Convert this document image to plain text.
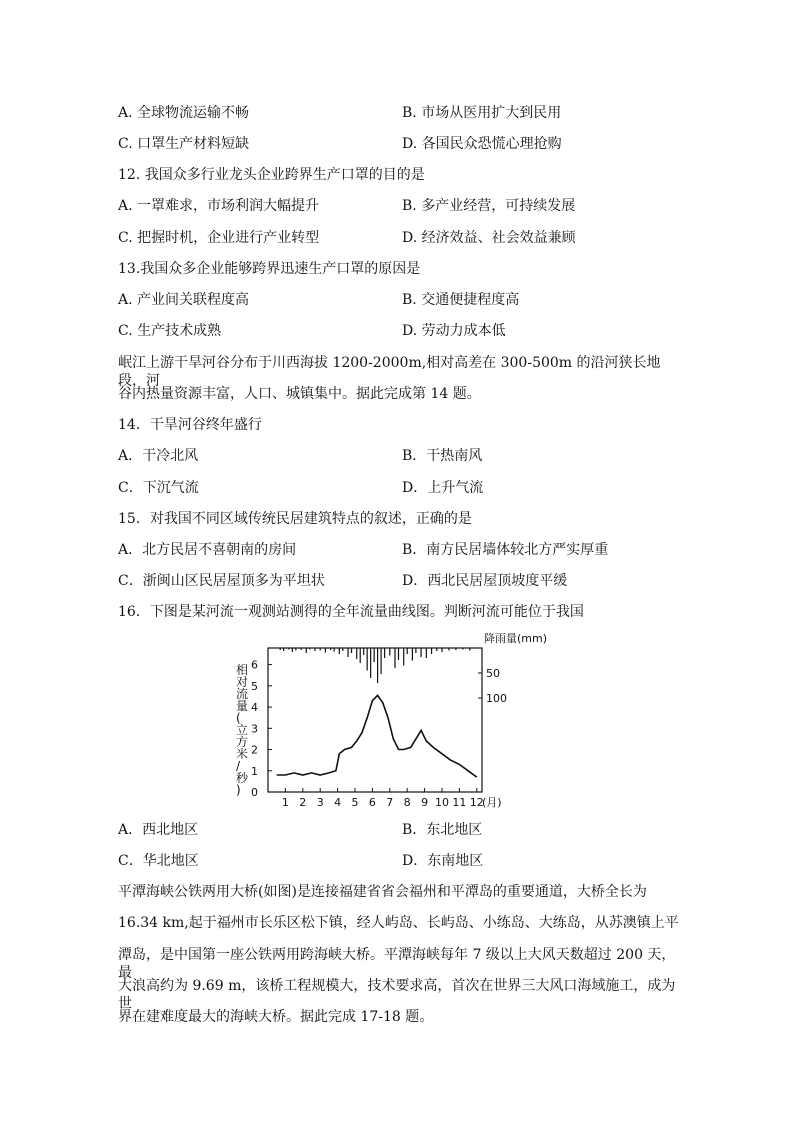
A. 全球物流运输不畅	B. 市场从医用扩大到民用
C. 口罩生产材料短缺	D. 各国民众恐慌心理抢购
12. 我国众多行业龙头企业跨界生产口罩的目的是
A. 一罩难求，市场利润大幅提升	B. 多产业经营，可持续发展
C. 把握时机，企业进行产业转型	D. 经济效益、社会效益兼顾
13.我国众多企业能够跨界迅速生产口罩的原因是
A. 产业间关联程度高	B. 交通便捷程度高
C. 生产技术成熟	D. 劳动力成本低
岷江上游干旱河谷分布于川西海拔 1200-2000m,相对高差在 300-500m 的沿河狭长地段，河
谷内热量资源丰富，人口、城镇集中。据此完成第 14 题。
14．干旱河谷终年盛行
A．干冷北风	B．干热南风
C．下沉气流	D．上升气流
15．对我国不同区域传统民居建筑特点的叙述，正确的是
A．北方民居不喜朝南的房间	B．南方民居墙体较北方严实厚重
C．浙闽山区民居屋顶多为平坦状	D．西北民居屋顶坡度平缓
16．下图是某河流一观测站测得的全年流量曲线图。判断河流可能位于我国
0
1
2
3
4
5
6
50
100
1 2 3 4 5 6 7 8 9 10 11 12
相对流量(立方米/秒)
降雨量(mm)
(月)
A．西北地区	B．东北地区
C．华北地区	D．东南地区
平潭海峡公铁两用大桥(如图)是连接福建省省会福州和平潭岛的重要通道，大桥全长为
16.34 km,起于福州市长乐区松下镇，经人屿岛、长屿岛、小练岛、大练岛，从苏澳镇上平
潭岛，是中国第一座公铁两用跨海峡大桥。平潭海峡每年 7 级以上大风天数超过 200 天，最
大浪高约为 9.69 m，该桥工程规模大，技术要求高，首次在世界三大风口海域施工，成为世
界在建难度最大的海峡大桥。据此完成 17-18 题。
